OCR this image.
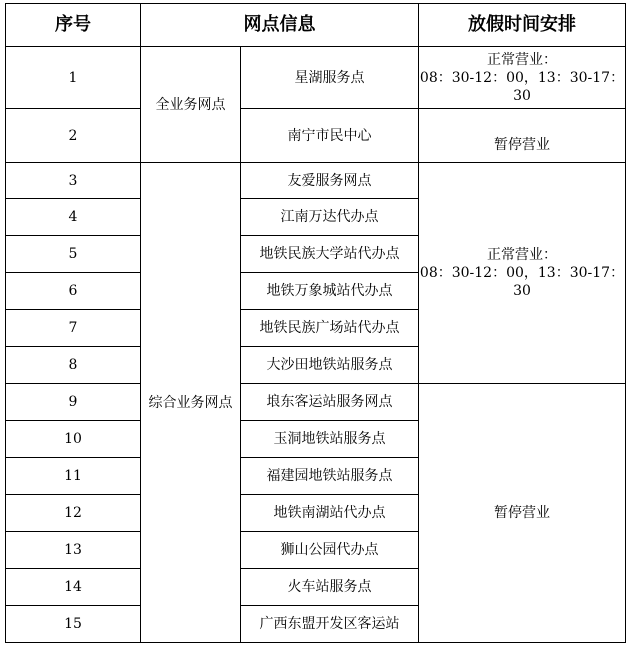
序号	网点信息		放假时间安排
1	全业务网点	星湖服务点	正常营业：
08：30-12：00，13：30-17：30

2		南宁市民中心	暂停营业
3	综合业务网点	友爱服务网点	正常营业：
08：30-12：00，13：30-17：30

4		江南万达代办点	
5		地铁民族大学站代办点	
6		地铁万象城站代办点	
7		地铁民族广场站代办点	
8		大沙田地铁站服务点	
9		埌东客运站服务网点	暂停营业
10		玉洞地铁站服务点	
11		福建园地铁站服务点	
12		地铁南湖站代办点	
13		狮山公园代办点	
14		火车站服务点	
15		广西东盟开发区客运站	
